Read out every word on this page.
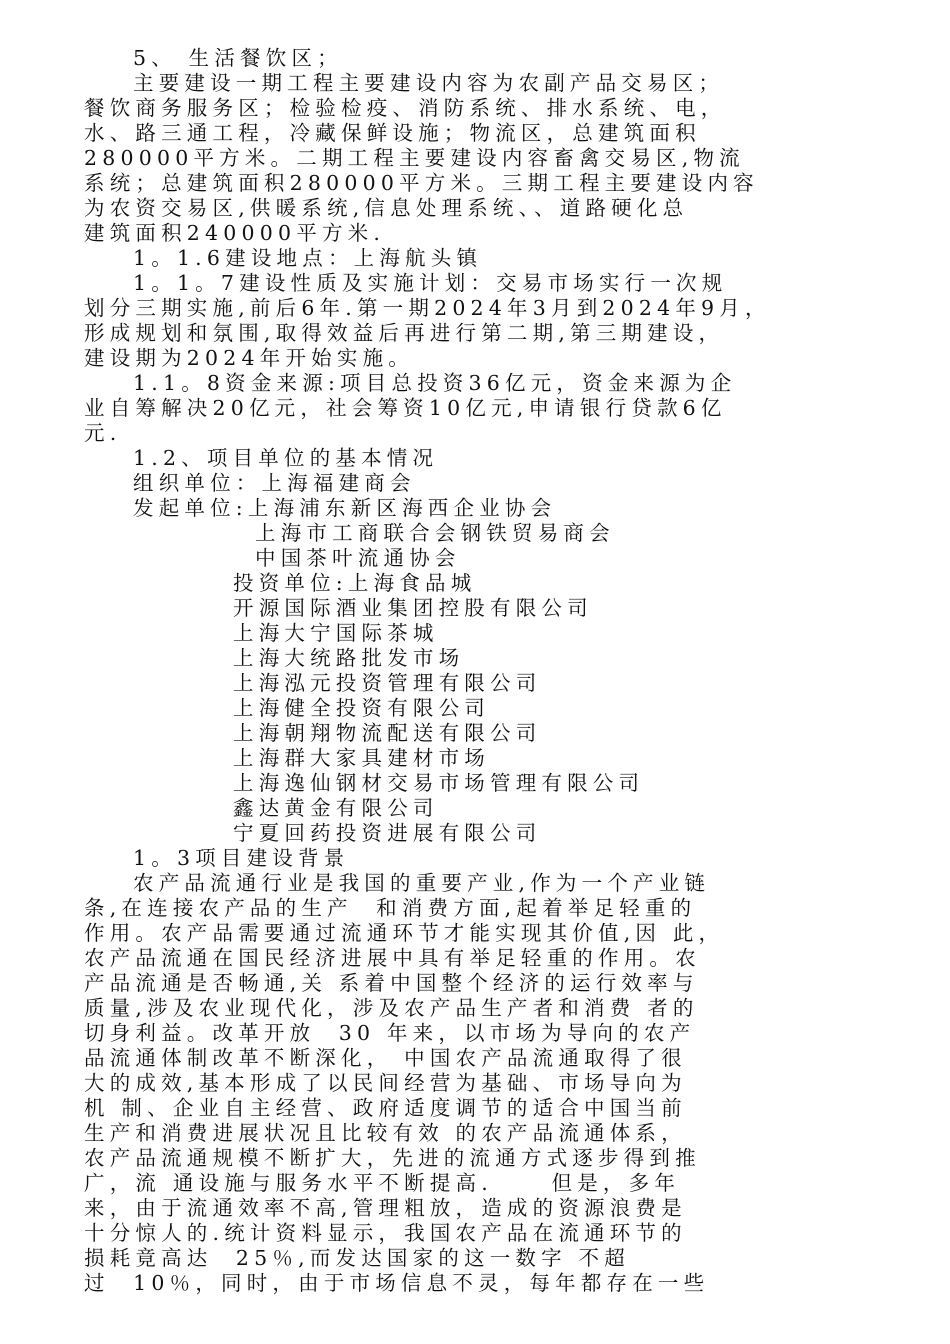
5、 生活餐饮区；
主要建设一期工程主要建设内容为农副产品交易区；
餐饮商务服务区；检验检疫、消防系统、排水系统、电，
水、路三通工程，冷藏保鲜设施；物流区，总建筑面积
280000平方米。二期工程主要建设内容畜禽交易区,物流
系统；总建筑面积280000平方米。三期工程主要建设内容
为农资交易区,供暖系统,信息处理系统、、道路硬化总
建筑面积240000平方米.
1。1.6建设地点：上海航头镇
1。1。7建设性质及实施计划：交易市场实行一次规
划分三期实施,前后6年.第一期2024年3月到2024年9月，
形成规划和氛围,取得效益后再进行第二期,第三期建设，
建设期为2024年开始实施。
1.1。8资金来源:项目总投资36亿元，资金来源为企
业自筹解决20亿元，社会筹资10亿元,申请银行贷款6亿
元.
1.2、项目单位的基本情况
组织单位：上海福建商会
发起单位:上海浦东新区海西企业协会
上海市工商联合会钢铁贸易商会
中国茶叶流通协会
投资单位:上海食品城
开源国际酒业集团控股有限公司
上海大宁国际茶城
上海大统路批发市场
上海泓元投资管理有限公司
上海健全投资有限公司
上海朝翔物流配送有限公司
上海群大家具建材市场
上海逸仙钢材交易市场管理有限公司
鑫达黄金有限公司
宁夏回药投资进展有限公司
1。3项目建设背景
农产品流通行业是我国的重要产业,作为一个产业链
条,在连接农产品的生产  和消费方面,起着举足轻重的
作用。农产品需要通过流通环节才能实现其价值,因 此，
农产品流通在国民经济进展中具有举足轻重的作用。农
产品流通是否畅通,关 系着中国整个经济的运行效率与
质量,涉及农业现代化，涉及农产品生产者和消费 者的
切身利益。改革开放  30 年来，以市场为导向的农产
品流通体制改革不断深化， 中国农产品流通取得了很
大的成效,基本形成了以民间经营为基础、市场导向为
机 制、企业自主经营、政府适度调节的适合中国当前
生产和消费进展状况且比较有效 的农产品流通体系，
农产品流通规模不断扩大，先进的流通方式逐步得到推
广，流 通设施与服务水平不断提高.     但是，多年
来，由于流通效率不高,管理粗放，造成的资源浪费是
十分惊人的.统计资料显示，我国农产品在流通环节的
损耗竟高达  25％,而发达国家的这一数字 不超
过  10％，同时，由于市场信息不灵，每年都存在一些
